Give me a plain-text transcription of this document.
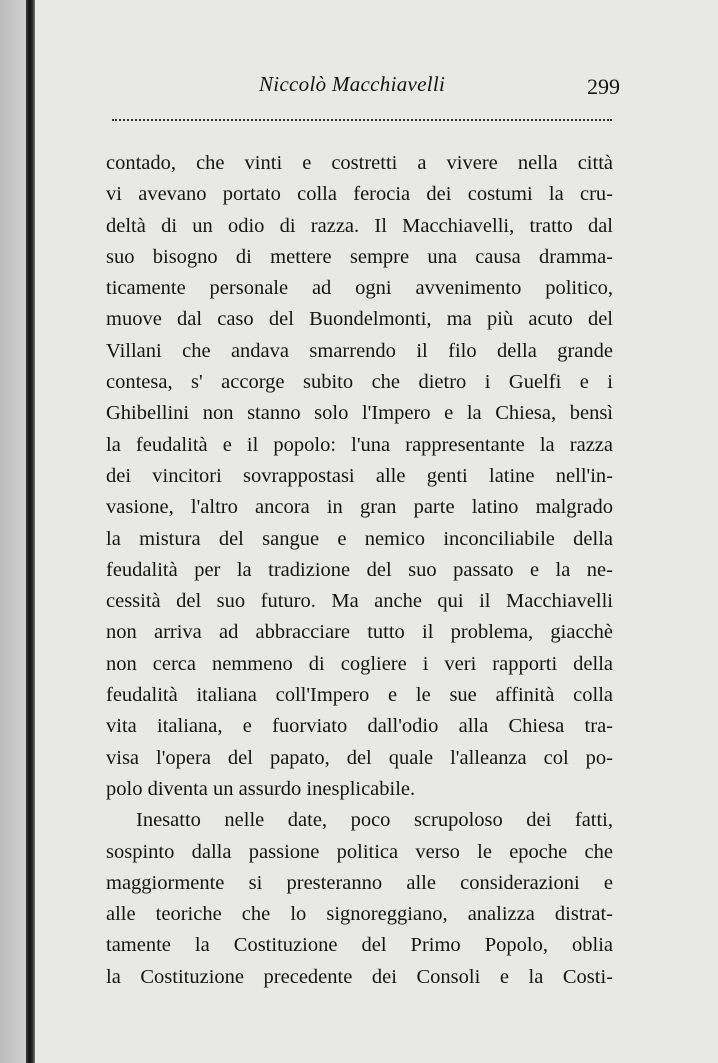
Niccolò Macchiavelli	299
contado, che vinti e costretti a vivere nella città
vi avevano portato colla ferocia dei costumi la cru-
deltà di un odio di razza. Il Macchiavelli, tratto dal
suo bisogno di mettere sempre una causa dramma-
ticamente personale ad ogni avvenimento politico,
muove dal caso del Buondelmonti, ma più acuto del
Villani che andava smarrendo il filo della grande
contesa, s' accorge subito che dietro i Guelfi e i
Ghibellini non stanno solo l'Impero e la Chiesa, bensì
la feudalità e il popolo: l'una rappresentante la razza
dei vincitori sovrappostasi alle genti latine nell'in-
vasione, l'altro ancora in gran parte latino malgrado
la mistura del sangue e nemico inconciliabile della
feudalità per la tradizione del suo passato e la ne-
cessità del suo futuro. Ma anche qui il Macchiavelli
non arriva ad abbracciare tutto il problema, giacchè
non cerca nemmeno di cogliere i veri rapporti della
feudalità italiana coll'Impero e le sue affinità colla
vita italiana, e fuorviato dall'odio alla Chiesa tra-
visa l'opera del papato, del quale l'alleanza col po-
polo diventa un assurdo inesplicabile.
Inesatto nelle date, poco scrupoloso dei fatti,
sospinto dalla passione politica verso le epoche che
maggiormente si presteranno alle considerazioni e
alle teoriche che lo signoreggiano, analizza distrat-
tamente la Costituzione del Primo Popolo, oblia
la Costituzione precedente dei Consoli e la Costi-
